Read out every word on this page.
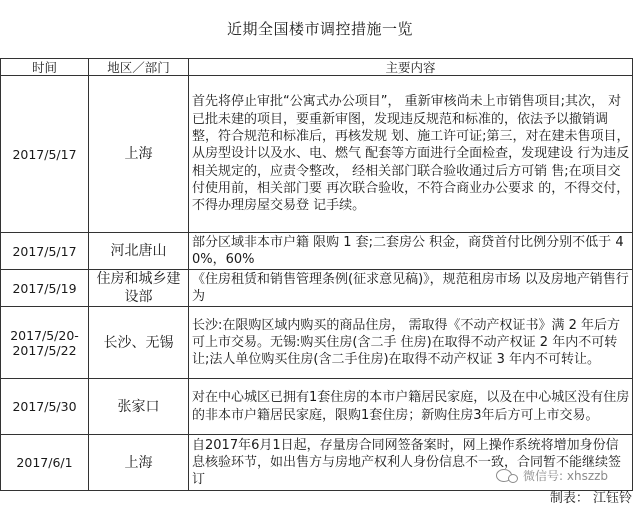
近期全国楼市调控措施一览
时间	地区／部门	主要内容
2017/5/17	上海	首先将停止审批“公寓式办公项目”， 重新审核尚未上市销售项目;其次， 对已批未建的项目，要重新审图，发现违反规范和标准的，依法予以撤销调整，符合规范和标准后，再核发规 划、施工许可证;第三，对在建未售项目，从房型设计以及水、电、燃气 配套等方面进行全面检查，发现建设 行为违反相关规定的，应责令整改， 经相关部门联合验收通过后方可销 售;在项目交付使用前，相关部门要 再次联合验收，不符合商业办公要求 的，不得交付，不得办理房屋交易登 记手续。
2017/5/17	河北唐山	部分区域非本市户籍 限购 1 套;二套房公 积金，商贷首付比例分别不低于 40%，60%
2017/5/19	住房和城乡建设部	《住房租赁和销售管理条例(征求意见稿)》，规范租房市场 以及房地产销售行为
2017/5/20-2017/5/22	长沙、无锡	长沙:在限购区域内购买的商品住房， 需取得《不动产权证书》满 2 年后方 可上市交易。无锡:购买住房(含二手 住房)在取得不动产权证 2 年内不可转 让;法人单位购买住房(含二手住房)在取得不动产权证 3 年内不可转让。
2017/5/30	张家口	对在中心城区已拥有1套住房的本市户籍居民家庭，以及在中心城区没有住房的非本市户籍居民家庭，限购1套住房；新购住房3年后方可上市交易。
2017/6/1	上海	自2017年6月1日起，存量房合同网签备案时，网上操作系统将增加身份信息核验环节，如出售方与房地产权利人身份信息不一致，合同暂不能继续签订	微信号: xhszzb
制表： 江钰铃
